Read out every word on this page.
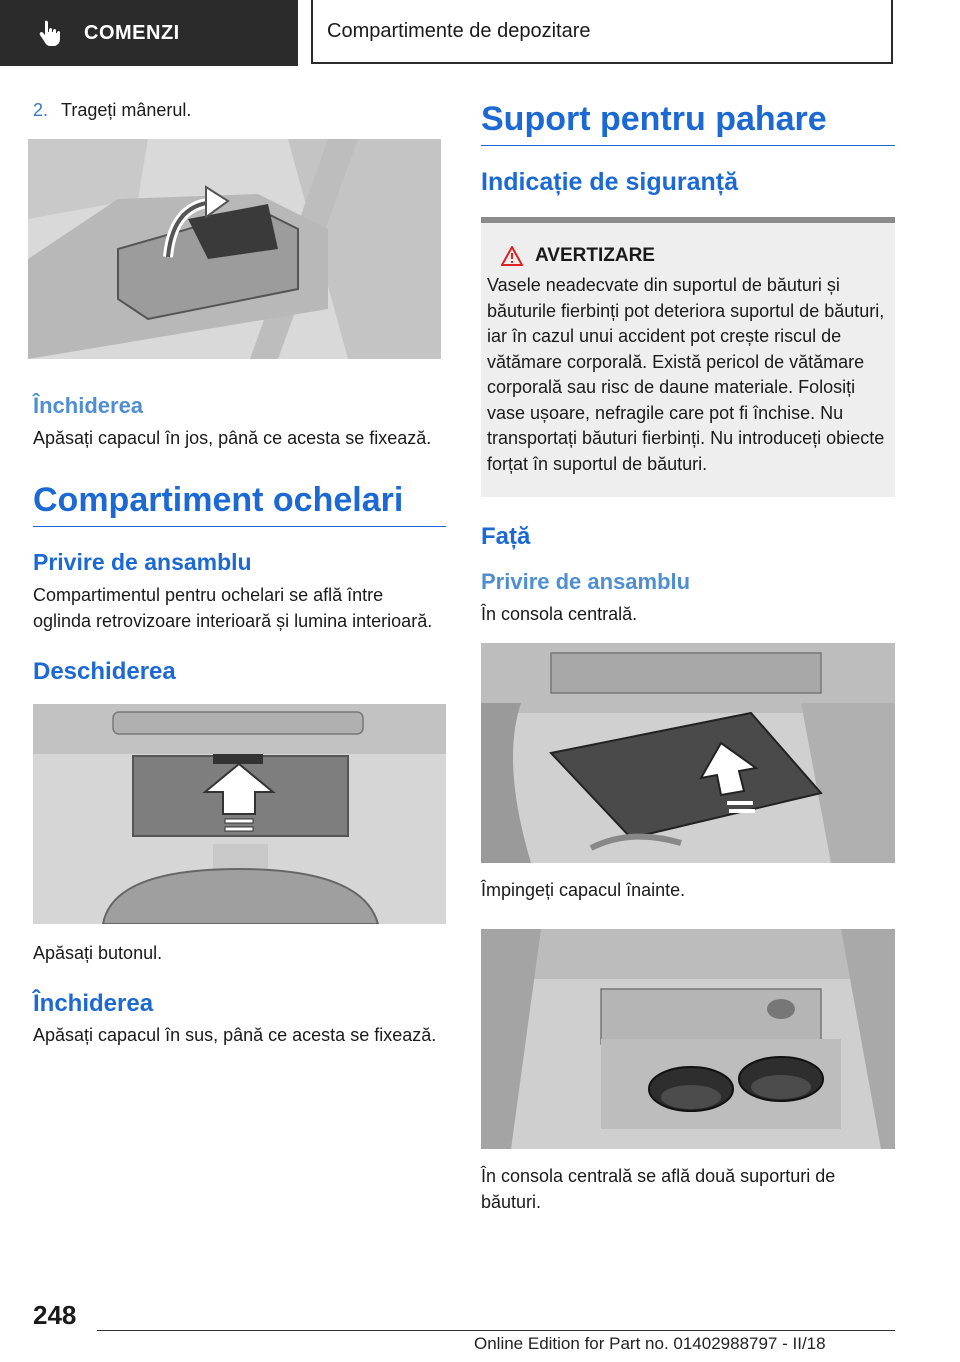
COMENZI	Compartimente de depozitare
2. Trageți mânerul.
Închiderea

Apăsați capacul în jos, până ce acesta se fixează.

Compartiment ochelari
Privire de ansamblu

Compartimentul pentru ochelari se află între oglinda retrovizoare interioară și lumina interioară.

Deschiderea

Apăsați butonul.

Închiderea

Apăsați capacul în sus, până ce acesta se fixează.

Suport pentru pahare
Indicație de siguranță
AVERTIZARE
Vasele neadecvate din suportul de băuturi și băuturile fierbinți pot deteriora suportul de băuturi, iar în cazul unui accident pot crește riscul de vătămare corporală. Există pericol de vătămare corporală sau risc de daune materiale. Folosiți vase ușoare, nefragile care pot fi închise. Nu transportați băuturi fierbinți. Nu introduceți obiecte forțat în suportul de băuturi.
Față
Privire de ansamblu

În consola centrală.

Împingeți capacul înainte.

În consola centrală se află două suporturi de băuturi.

248
Online Edition for Part no. 01402988797 - II/18
